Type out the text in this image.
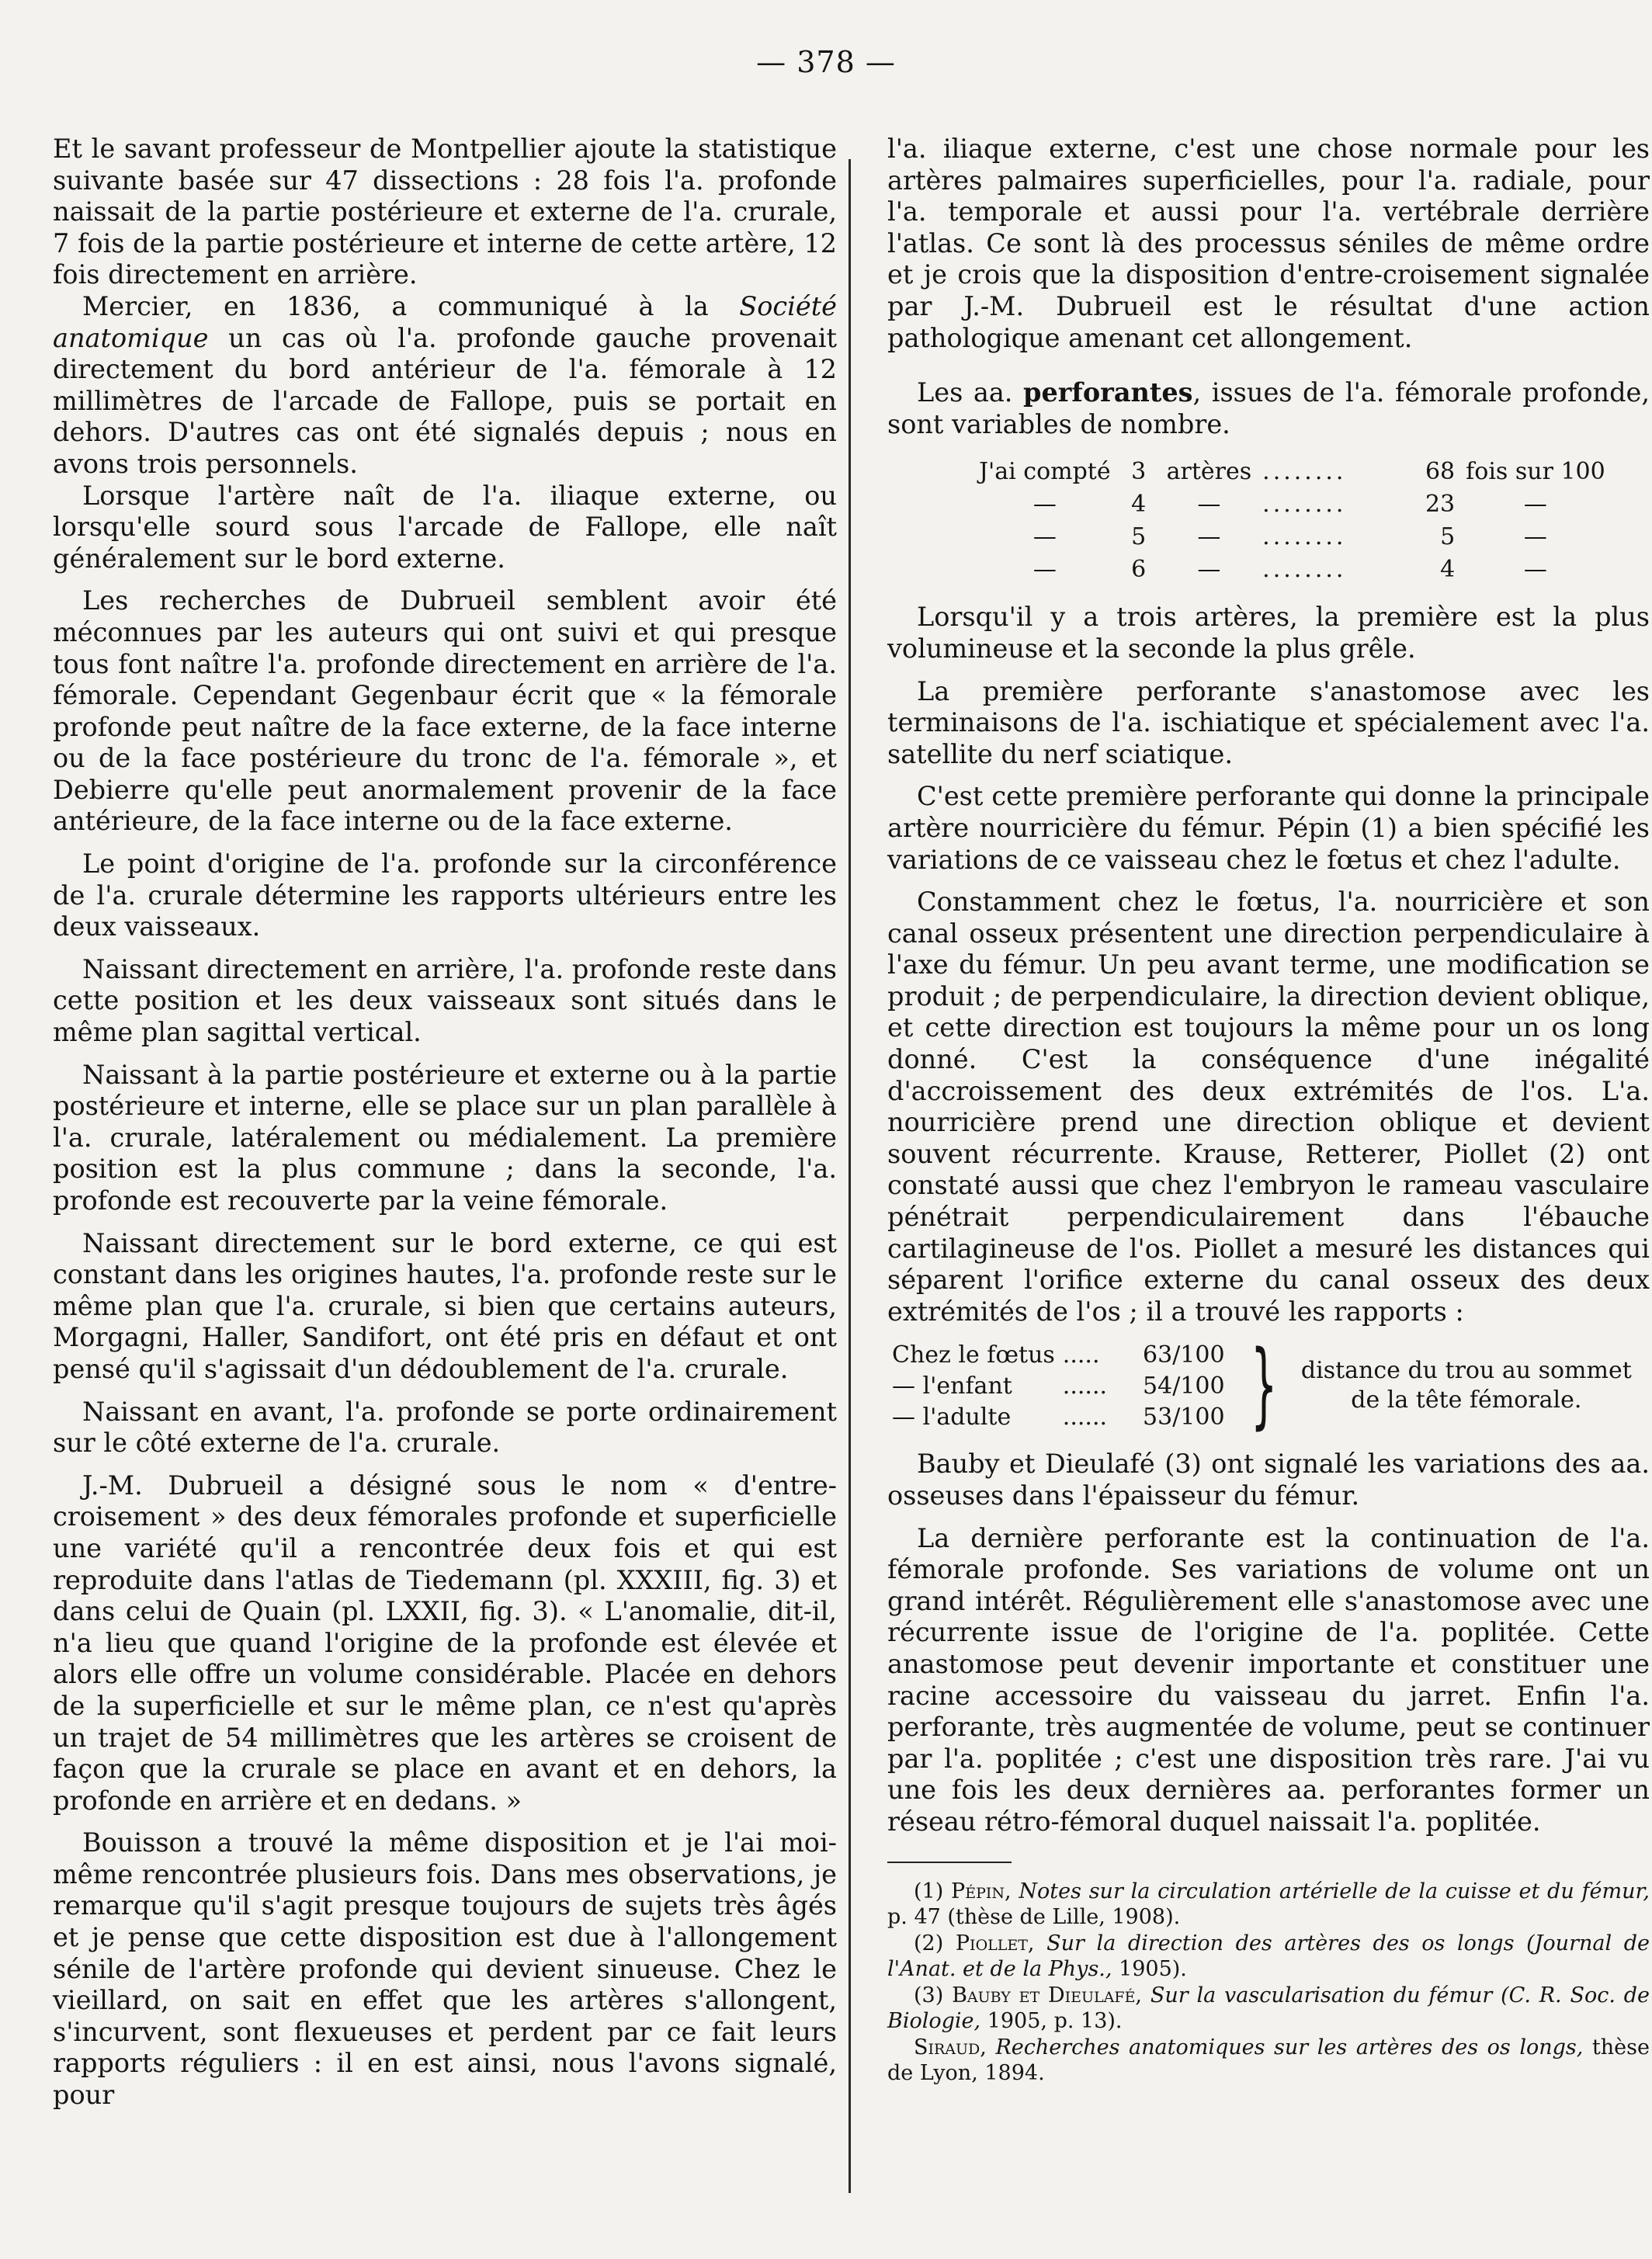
— 378 —

Et le savant professeur de Montpellier ajoute la statistique suivante basée sur 47 dissections : 28 fois l'a. profonde naissait de la partie postérieure et externe de l'a. crurale, 7 fois de la partie postérieure et interne de cette artère, 12 fois directement en arrière.

Mercier, en 1836, a communiqué à la Société anatomique un cas où l'a. profonde gauche provenait directement du bord antérieur de l'a. fémorale à 12 millimètres de l'arcade de Fallope, puis se portait en dehors. D'autres cas ont été signalés depuis ; nous en avons trois personnels.

Lorsque l'artère naît de l'a. iliaque externe, ou lorsqu'elle sourd sous l'arcade de Fallope, elle naît généralement sur le bord externe.

Les recherches de Dubrueil semblent avoir été méconnues par les auteurs qui ont suivi et qui presque tous font naître l'a. profonde directement en arrière de l'a. fémorale. Cependant Gegenbaur écrit que « la fémorale profonde peut naître de la face externe, de la face interne ou de la face postérieure du tronc de l'a. fémorale », et Debierre qu'elle peut anormalement provenir de la face antérieure, de la face interne ou de la face externe.

Le point d'origine de l'a. profonde sur la circonférence de l'a. crurale détermine les rapports ultérieurs entre les deux vaisseaux.

Naissant directement en arrière, l'a. profonde reste dans cette position et les deux vaisseaux sont situés dans le même plan sagittal vertical.

Naissant à la partie postérieure et externe ou à la partie postérieure et interne, elle se place sur un plan parallèle à l'a. crurale, latéralement ou médialement. La première position est la plus commune ; dans la seconde, l'a. profonde est recouverte par la veine fémorale.

Naissant directement sur le bord externe, ce qui est constant dans les origines hautes, l'a. profonde reste sur le même plan que l'a. crurale, si bien que certains auteurs, Morgagni, Haller, Sandifort, ont été pris en défaut et ont pensé qu'il s'agissait d'un dédoublement de l'a. crurale.

Naissant en avant, l'a. profonde se porte ordinairement sur le côté externe de l'a. crurale.

J.-M. Dubrueil a désigné sous le nom « d'entre-croisement » des deux fémorales profonde et superficielle une variété qu'il a rencontrée deux fois et qui est reproduite dans l'atlas de Tiedemann (pl. XXXIII, fig. 3) et dans celui de Quain (pl. LXXII, fig. 3). « L'anomalie, dit-il, n'a lieu que quand l'origine de la profonde est élevée et alors elle offre un volume considérable. Placée en dehors de la superficielle et sur le même plan, ce n'est qu'après un trajet de 54 millimètres que les artères se croisent de façon que la crurale se place en avant et en dehors, la profonde en arrière et en dedans. »

Bouisson a trouvé la même disposition et je l'ai moi-même rencontrée plusieurs fois. Dans mes observations, je remarque qu'il s'agit presque toujours de sujets très âgés et je pense que cette disposition est due à l'allongement sénile de l'artère profonde qui devient sinueuse. Chez le vieillard, on sait en effet que les artères s'allongent, s'incurvent, sont flexueuses et perdent par ce fait leurs rapports réguliers : il en est ainsi, nous l'avons signalé, pour

l'a. iliaque externe, c'est une chose normale pour les artères palmaires superficielles, pour l'a. radiale, pour l'a. temporale et aussi pour l'a. vertébrale derrière l'atlas. Ce sont là des processus séniles de même ordre et je crois que la disposition d'entre-croisement signalée par J.-M. Dubrueil est le résultat d'une action pathologique amenant cet allongement.

Les aa. perforantes, issues de l'a. fémorale profonde, sont variables de nombre.

J'ai compté	3	artères	........	68	fois sur 100
—	4	—	........	23	—
—	5	—	........	5	—
—	6	—	........	4	—

Lorsqu'il y a trois artères, la première est la plus volumineuse et la seconde la plus grêle.

La première perforante s'anastomose avec les terminaisons de l'a. ischiatique et spécialement avec l'a. satellite du nerf sciatique.

C'est cette première perforante qui donne la principale artère nourricière du fémur. Pépin (1) a bien spécifié les variations de ce vaisseau chez le fœtus et chez l'adulte.

Constamment chez le fœtus, l'a. nourricière et son canal osseux présentent une direction perpendiculaire à l'axe du fémur. Un peu avant terme, une modification se produit ; de perpendiculaire, la direction devient oblique, et cette direction est toujours la même pour un os long donné. C'est la conséquence d'une inégalité d'accroissement des deux extrémités de l'os. L'a. nourricière prend une direction oblique et devient souvent récurrente. Krause, Retterer, Piollet (2) ont constaté aussi que chez l'embryon le rameau vasculaire pénétrait perpendiculairement dans l'ébauche cartilagineuse de l'os. Piollet a mesuré les distances qui séparent l'orifice externe du canal osseux des deux extrémités de l'os ; il a trouvé les rapports :

Chez le fœtus	.....	63/100
— l'enfant	......	54/100
— l'adulte	......	53/100 } distance du trou au sommet
de la tête fémorale.

Bauby et Dieulafé (3) ont signalé les variations des aa. osseuses dans l'épaisseur du fémur.

La dernière perforante est la continuation de l'a. fémorale profonde. Ses variations de volume ont un grand intérêt. Régulièrement elle s'anastomose avec une récurrente issue de l'origine de l'a. poplitée. Cette anastomose peut devenir importante et constituer une racine accessoire du vaisseau du jarret. Enfin l'a. perforante, très augmentée de volume, peut se continuer par l'a. poplitée ; c'est une disposition très rare. J'ai vu une fois les deux dernières aa. perforantes former un réseau rétro-fémoral duquel naissait l'a. poplitée.

(1) Pépin, Notes sur la circulation artérielle de la cuisse et du fémur, p. 47 (thèse de Lille, 1908).

(2) Piollet, Sur la direction des artères des os longs (Journal de l'Anat. et de la Phys., 1905).

(3) Bauby et Dieulafé, Sur la vascularisation du fémur (C. R. Soc. de Biologie, 1905, p. 13).

Siraud, Recherches anatomiques sur les artères des os longs, thèse de Lyon, 1894.
